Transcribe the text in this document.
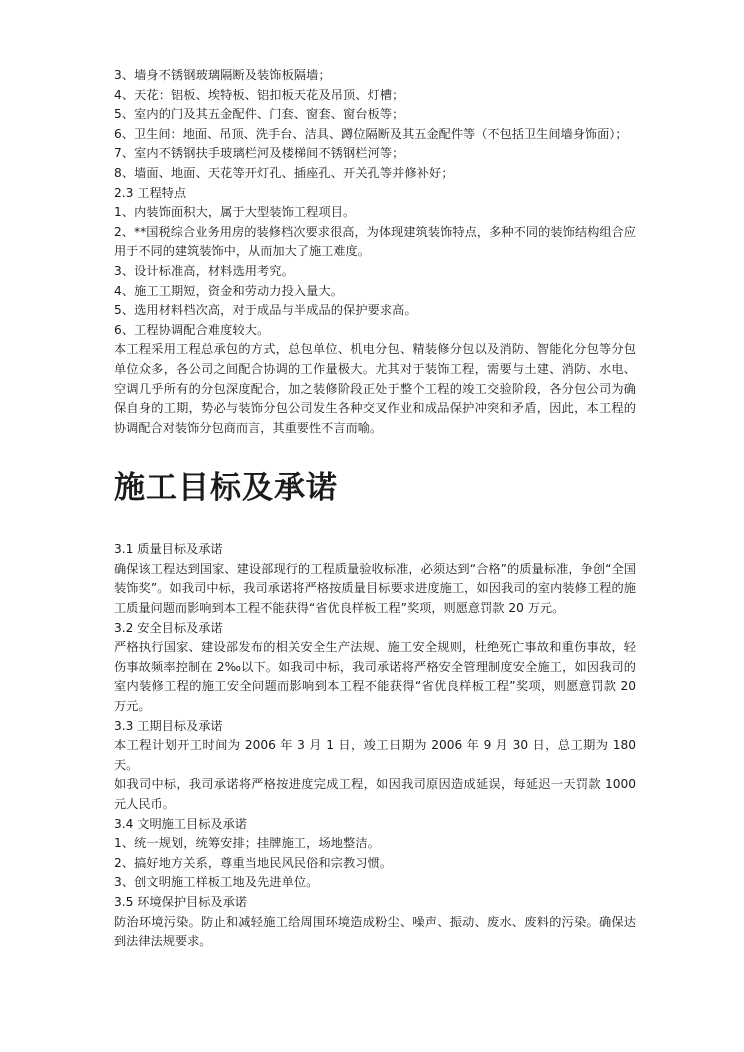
3、墙身不锈钢玻璃隔断及装饰板隔墙；
4、天花：铝板、埃特板、铝扣板天花及吊顶、灯槽；
5、室内的门及其五金配件、门套、窗套、窗台板等；
6、卫生间：地面、吊顶、洗手台、洁具、蹲位隔断及其五金配件等（不包括卫生间墙身饰面）；
7、室内不锈钢扶手玻璃栏河及楼梯间不锈钢栏河等；
8、墙面、地面、天花等开灯孔、插座孔、开关孔等并修补好；
2.3 工程特点
1、内装饰面积大，属于大型装饰工程项目。
2、**国税综合业务用房的装修档次要求很高，为体现建筑装饰特点，多种不同的装饰结构组合应用于不同的建筑装饰中，从而加大了施工难度。
3、设计标准高，材料选用考究。
4、施工工期短，资金和劳动力投入量大。
5、选用材料档次高，对于成品与半成品的保护要求高。
6、工程协调配合难度较大。
本工程采用工程总承包的方式，总包单位、机电分包、精装修分包以及消防、智能化分包等分包单位众多，各公司之间配合协调的工作量极大。尤其对于装饰工程，需要与土建、消防、水电、空调几乎所有的分包深度配合，加之装修阶段正处于整个工程的竣工交验阶段，各分包公司为确保自身的工期，势必与装饰分包公司发生各种交叉作业和成品保护冲突和矛盾，因此，本工程的协调配合对装饰分包商而言，其重要性不言而喻。
施工目标及承诺
3.1 质量目标及承诺
确保该工程达到国家、建设部现行的工程质量验收标准，必须达到“合格”的质量标准，争创“全国装饰奖”。如我司中标，我司承诺将严格按质量目标要求进度施工，如因我司的室内装修工程的施工质量问题而影响到本工程不能获得“省优良样板工程”奖项，则愿意罚款 20 万元。
3.2 安全目标及承诺
严格执行国家、建设部发布的相关安全生产法规、施工安全规则，杜绝死亡事故和重伤事故，轻伤事故频率控制在 2‰以下。如我司中标，我司承诺将严格安全管理制度安全施工，如因我司的室内装修工程的施工安全问题而影响到本工程不能获得“省优良样板工程”奖项，则愿意罚款 20 万元。
3.3 工期目标及承诺
本工程计划开工时间为 2006 年 3 月 1 日，竣工日期为 2006 年 9 月 30 日，总工期为 180 天。
如我司中标，我司承诺将严格按进度完成工程，如因我司原因造成延误，每延迟一天罚款 1000 元人民币。
3.4 文明施工目标及承诺
1、统一规划，统筹安排；挂牌施工，场地整洁。
2、搞好地方关系，尊重当地民风民俗和宗教习惯。
3、创文明施工样板工地及先进单位。
3.5 环境保护目标及承诺
防治环境污染。防止和减轻施工给周围环境造成粉尘、噪声、振动、废水、废料的污染。确保达到法律法规要求。
